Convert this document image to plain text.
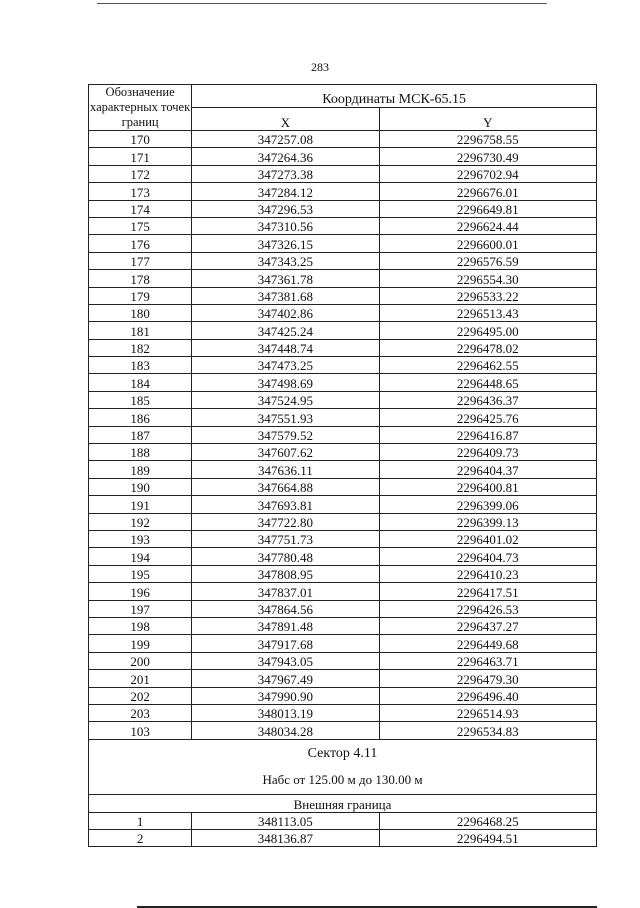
283
Обозначение характерных точек границ	Координаты МСК-65.15	
	X	Y
170	347257.08	2296758.55
171	347264.36	2296730.49
172	347273.38	2296702.94
173	347284.12	2296676.01
174	347296.53	2296649.81
175	347310.56	2296624.44
176	347326.15	2296600.01
177	347343.25	2296576.59
178	347361.78	2296554.30
179	347381.68	2296533.22
180	347402.86	2296513.43
181	347425.24	2296495.00
182	347448.74	2296478.02
183	347473.25	2296462.55
184	347498.69	2296448.65
185	347524.95	2296436.37
186	347551.93	2296425.76
187	347579.52	2296416.87
188	347607.62	2296409.73
189	347636.11	2296404.37
190	347664.88	2296400.81
191	347693.81	2296399.06
192	347722.80	2296399.13
193	347751.73	2296401.02
194	347780.48	2296404.73
195	347808.95	2296410.23
196	347837.01	2296417.51
197	347864.56	2296426.53
198	347891.48	2296437.27
199	347917.68	2296449.68
200	347943.05	2296463.71
201	347967.49	2296479.30
202	347990.90	2296496.40
203	348013.19	2296514.93
103	348034.28	2296534.83

Сектор 4.11
Набс от 125.00 м до 130.00 м		

Внешняя граница		
1	348113.05	2296468.25
2	348136.87	2296494.51
